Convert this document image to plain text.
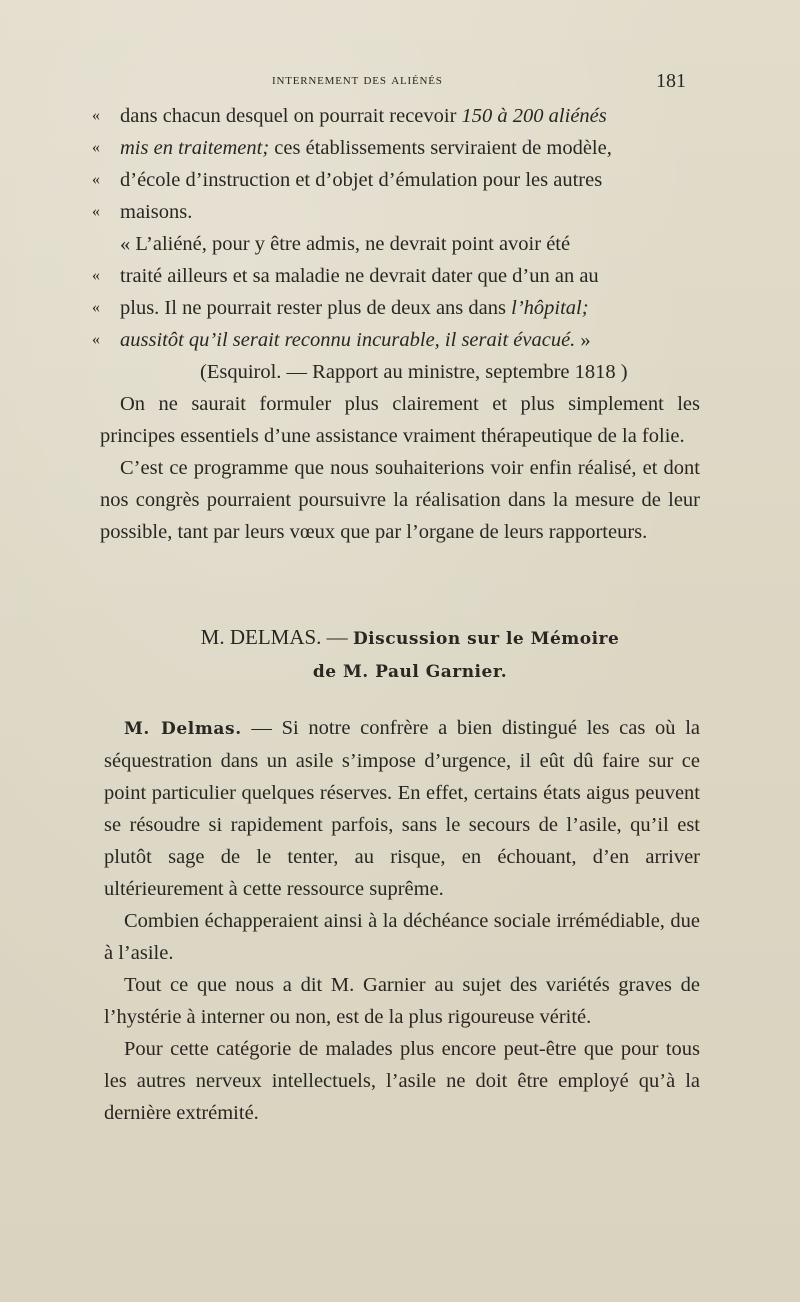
internement des aliénés	181
« dans chacun desquel on pourrait recevoir 150 à 200 aliénés
« mis en traitement; ces établissements serviraient de modèle,
« d’école d’instruction et d’objet d’émulation pour les autres
« maisons.
« L’aliéné, pour y être admis, ne devrait point avoir été
« traité ailleurs et sa maladie ne devrait dater que d’un an au
« plus. Il ne pourrait rester plus de deux ans dans l’hôpital;
« aussitôt qu’il serait reconnu incurable, il serait évacué. »
(Esquirol. — Rapport au ministre, septembre 1818 )

On ne saurait formuler plus clairement et plus simplement les principes essentiels d’une assistance vraiment thérapeutique de la folie.

C’est ce programme que nous souhaiterions voir enfin réalisé, et dont nos congrès pourraient poursuivre la réalisation dans la mesure de leur possible, tant par leurs vœux que par l’organe de leurs rapporteurs.

M. DELMAS. — Discussion sur le Mémoire
de M. Paul Garnier.

M. Delmas. — Si notre confrère a bien distingué les cas où la séquestration dans un asile s’impose d’urgence, il eût dû faire sur ce point particulier quelques réserves. En effet, certains états aigus peuvent se résoudre si rapidement parfois, sans le secours de l’asile, qu’il est plutôt sage de le tenter, au risque, en échouant, d’en arriver ultérieurement à cette ressource suprême.

Combien échapperaient ainsi à la déchéance sociale irrémédiable, due à l’asile.

Tout ce que nous a dit M. Garnier au sujet des variétés graves de l’hystérie à interner ou non, est de la plus rigoureuse vérité.

Pour cette catégorie de malades plus encore peut-être que pour tous les autres nerveux intellectuels, l’asile ne doit être employé qu’à la dernière extrémité.
